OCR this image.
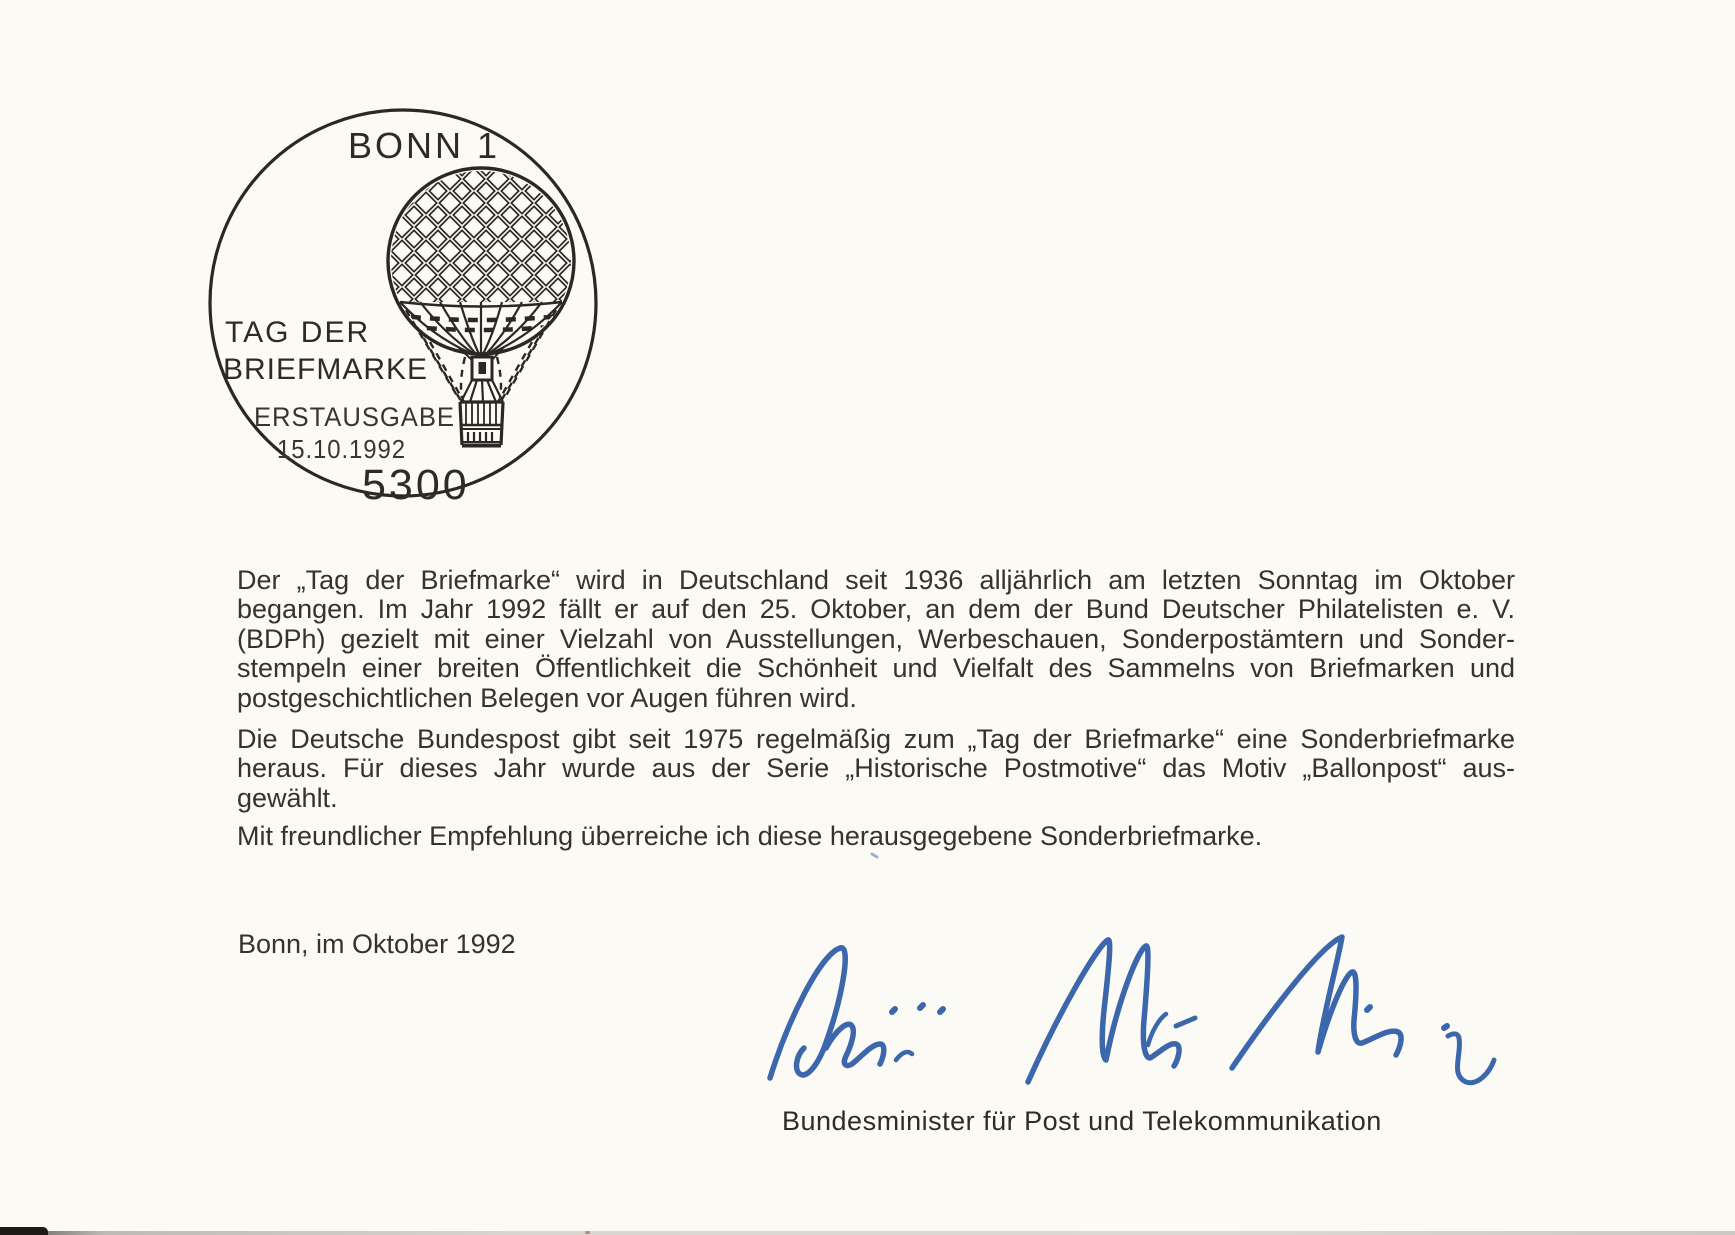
BONN 1
TAG DER
BRIEFMARKE
ERSTAUSGABE
15.10.1992
5300
Der „Tag der Briefmarke“ wird in Deutschland seit 1936 alljährlich am letzten Sonntag im Oktober
begangen. Im Jahr 1992 fällt er auf den 25. Oktober, an dem der Bund Deutscher Philatelisten e. V.
(BDPh) gezielt mit einer Vielzahl von Ausstellungen, Werbeschauen, Sonderpostämtern und Sonder-
stempeln einer breiten Öffentlichkeit die Schönheit und Vielfalt des Sammelns von Briefmarken und
postgeschichtlichen Belegen vor Augen führen wird.
Die Deutsche Bundespost gibt seit 1975 regelmäßig zum „Tag der Briefmarke“ eine Sonderbriefmarke
heraus. Für dieses Jahr wurde aus der Serie „Historische Postmotive“ das Motiv „Ballonpost“ aus-
gewählt.
Mit freundlicher Empfehlung überreiche ich diese herausgegebene Sonderbriefmarke.
Bonn, im Oktober 1992
Bundesminister für Post und Telekommunikation
